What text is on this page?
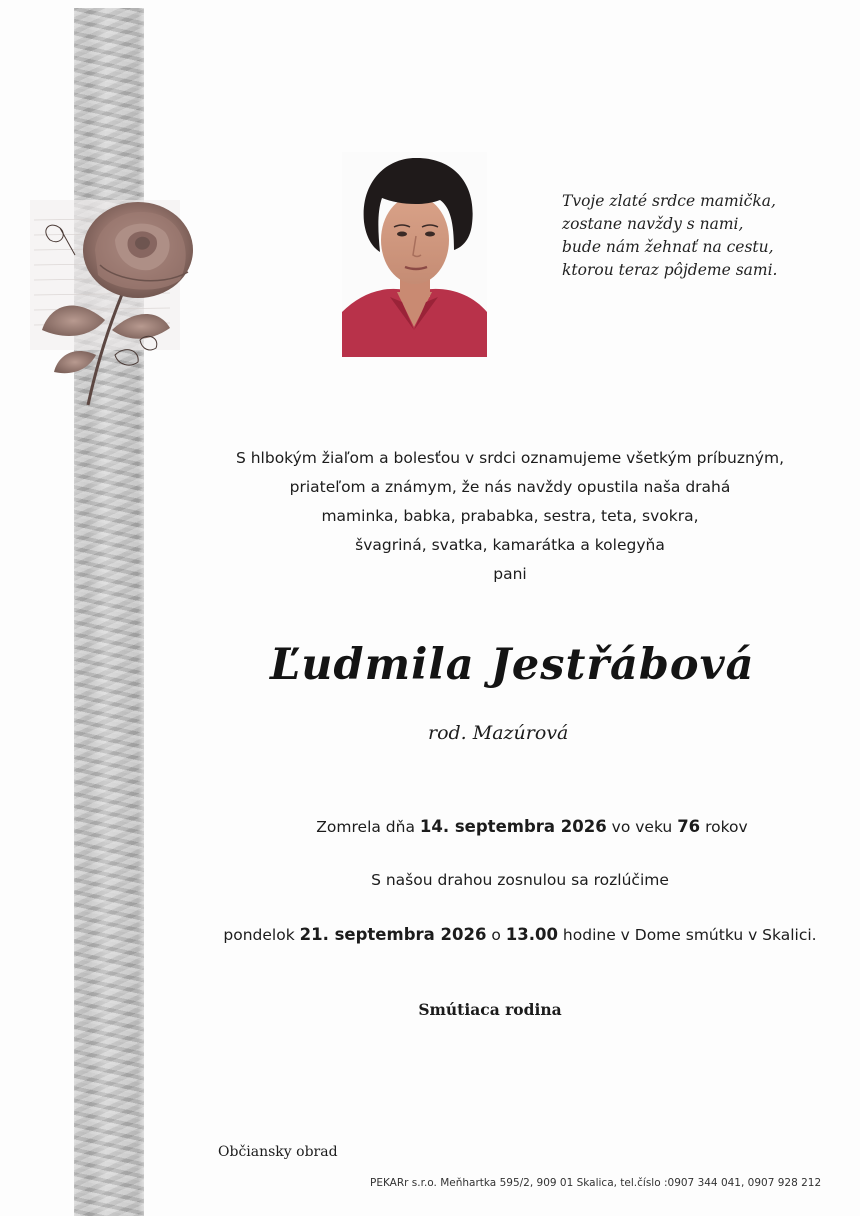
Tvoje zlaté srdce mamička,
zostane navždy s nami,
bude nám žehnať na cestu,
ktorou teraz pôjdeme sami.
S hlbokým žiaľom a bolesťou v srdci oznamujeme všetkým príbuzným,
priateľom a známym, že nás navždy opustila naša drahá
maminka, babka, prababka, sestra, teta, svokra,
švagriná, svatka, kamarátka a kolegyňa
pani
Ľudmila Jestřábová
rod. Mazúrová
Zomrela dňa 14. septembra 2026 vo veku 76 rokov
S našou drahou zosnulou sa rozlúčime
pondelok 21. septembra 2026 o 13.00 hodine v Dome smútku v Skalici.
Smútiaca rodina
Občiansky obrad
PEKARr s.r.o. Meňhartka 595/2, 909 01 Skalica, tel.číslo :0907 344 041, 0907 928 212
